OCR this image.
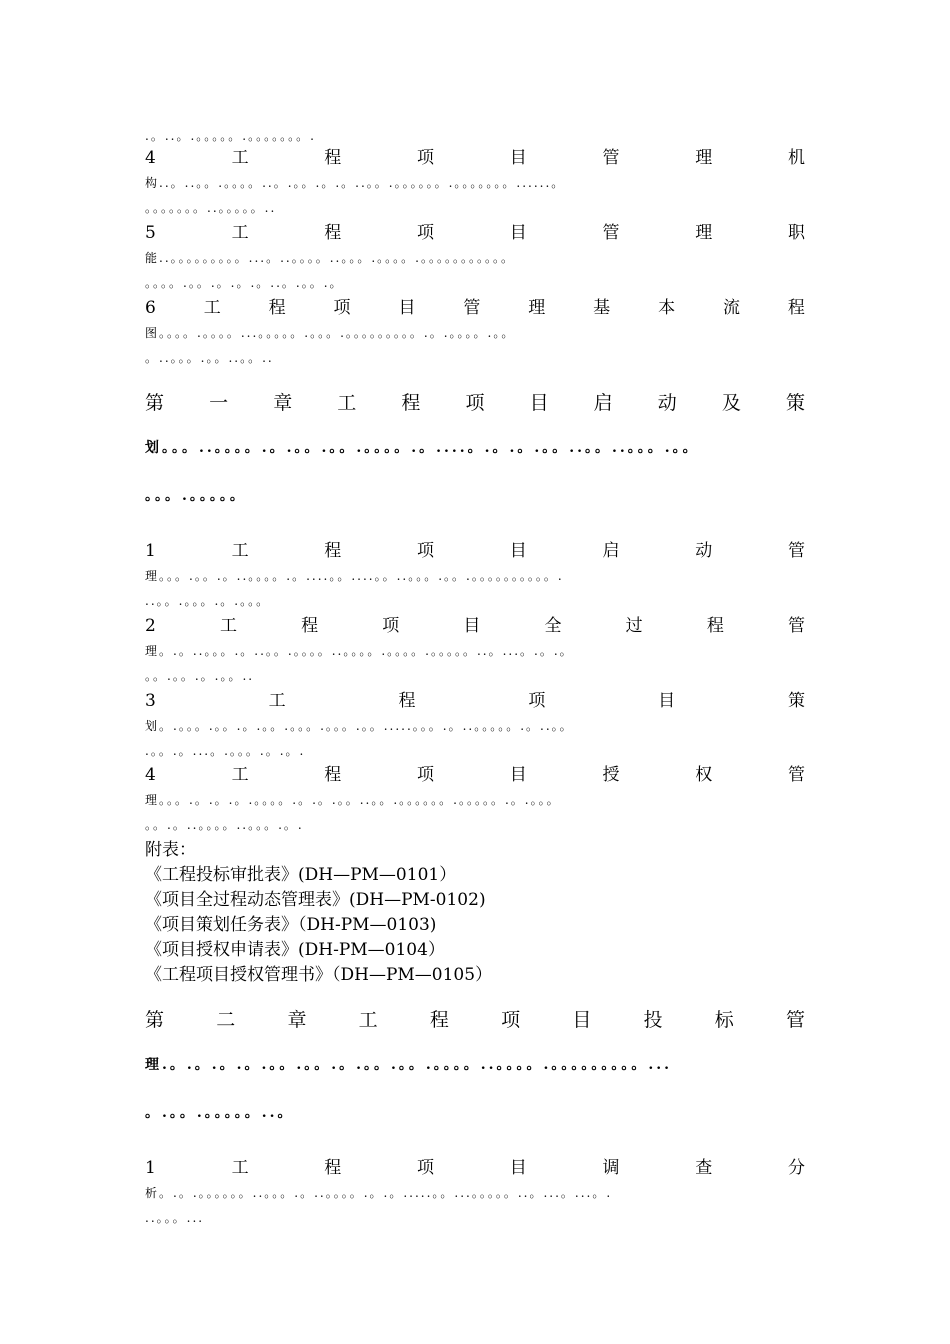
.。..。.。。。。。.。。。。。。。.
4	工	程	项	目	管	理	机
构..。..。。.。。。。..。.。。.。.。..。。.。。。。。。.。。。。。。。......。
。。。。。。。..。。。。。..
5	工	程	项	目	管	理	职
能..。。。。。。。。。...。..。。。。..。。。.。。。。.。。。。。。。。。。。
。。。。.。。.。.。.。..。.。。.。
6	工	程	项	目	管	理	基	本	流	程
图。。。。.。。。。...。。。。。.。。。.。。。。。。。。。.。.。。。。.。。
。..。。。.。。..。。..
第 一 章 工 程 项 目 启 动 及 策
划。。。..。。。。.。.。。.。。.。。。。.。....。.。.。.。。..。。..。。。.。。
。。。.。。。。。
1	工	程	项	目	启	动	管
理。。。.。。.。..。。。。.。....。。....。。..。。。.。。.。。。。。。。。。。.
..。。.。。。.。.。。。
2	工	程	项	目	全	过	程	管
理。.。..。。。.。..。。.。。。。..。。。。.。。。。.。。。。。..。...。.。.。
。。.。。.。.。。..
3	工	程	项	目	策
划。.。。。.。。.。.。。.。。。.。。。.。。.....。。。.。..。。。。。.。..。。
.。。.。...。.。。。.。.。.
4	工	程	项	目	授	权	管
理。。。.。.。.。.。。。。.。.。.。。..。。.。。。。。。.。。。。。.。.。。。
。。.。..。。。。..。。。.。.
附表：
《工程投标审批表》(DH—PM—0101）
《项目全过程动态管理表》(DH—PM-0102)
《项目策划任务表》（DH-PM—0103)
《项目授权申请表》(DH-PM—0104）
《工程项目授权管理书》（DH—PM—0105）
第	二	章	工	程	项	目	投	标	管
理.。.。.。.。.。。.。。.。.。。.。。.。。。。..。。。。.。。。。。。。。。...
。.。。.。。。。。..。
1	工	程	项	目	调	查	分
析。.。.。。。。。。..。。。.。..。。。。.。.。.....。。...。。。。。..。...。...。.
..。。。...
